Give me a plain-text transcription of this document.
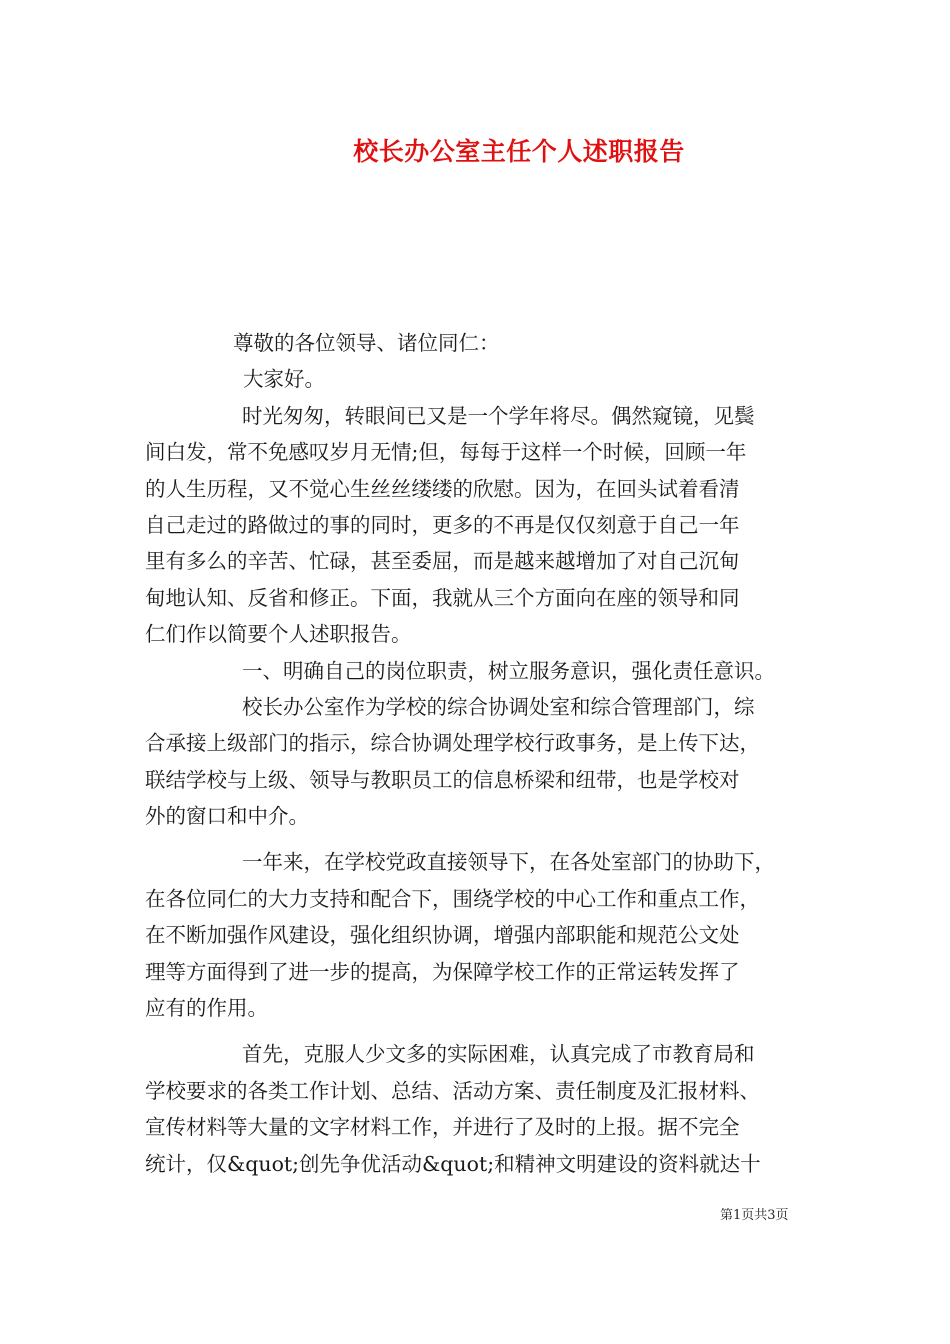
校长办公室主任个人述职报告
尊敬的各位领导、诸位同仁：
大家好。
时光匆匆，转眼间已又是一个学年将尽。偶然窥镜，见鬓
间白发，常不免感叹岁月无情;但，每每于这样一个时候，回顾一年
的人生历程，又不觉心生丝丝缕缕的欣慰。因为，在回头试着看清
自己走过的路做过的事的同时，更多的不再是仅仅刻意于自己一年
里有多么的辛苦、忙碌，甚至委屈，而是越来越增加了对自己沉甸
甸地认知、反省和修正。下面，我就从三个方面向在座的领导和同
仁们作以简要个人述职报告。
一、明确自己的岗位职责，树立服务意识，强化责任意识。
校长办公室作为学校的综合协调处室和综合管理部门，综
合承接上级部门的指示，综合协调处理学校行政事务，是上传下达，
联结学校与上级、领导与教职员工的信息桥梁和纽带，也是学校对
外的窗口和中介。
一年来，在学校党政直接领导下，在各处室部门的协助下，
在各位同仁的大力支持和配合下，围绕学校的中心工作和重点工作，
在不断加强作风建设，强化组织协调，增强内部职能和规范公文处
理等方面得到了进一步的提高，为保障学校工作的正常运转发挥了
应有的作用。
首先，克服人少文多的实际困难，认真完成了市教育局和
学校要求的各类工作计划、总结、活动方案、责任制度及汇报材料、
宣传材料等大量的文字材料工作，并进行了及时的上报。据不完全
统计，仅&quot;创先争优活动&quot;和精神文明建设的资料就达十
第1页共3页
